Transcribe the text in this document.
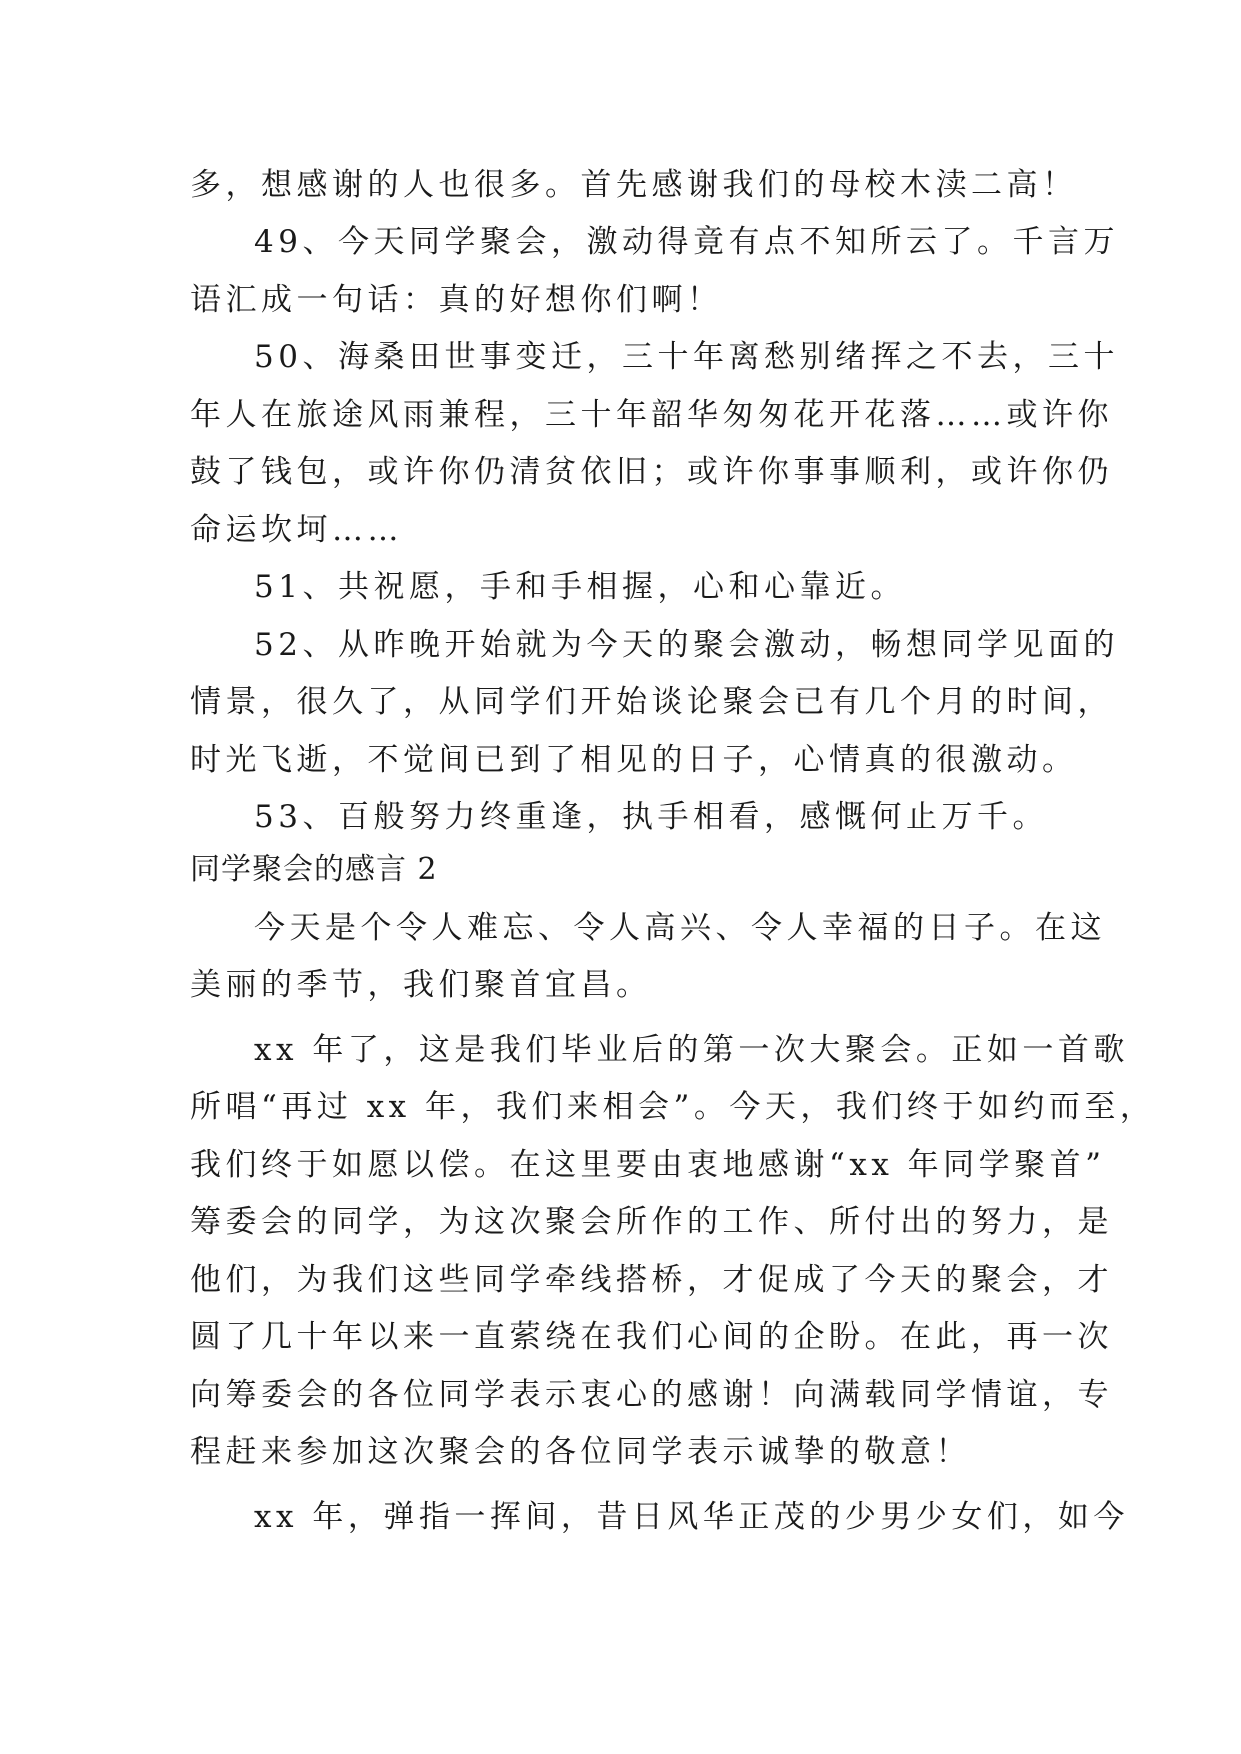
多，想感谢的人也很多。首先感谢我们的母校木渎二高！

49、今天同学聚会，激动得竟有点不知所云了。千言万

语汇成一句话：真的好想你们啊！

50、海桑田世事变迁，三十年离愁别绪挥之不去，三十

年人在旅途风雨兼程，三十年韶华匆匆花开花落……或许你

鼓了钱包，或许你仍清贫依旧；或许你事事顺利，或许你仍

命运坎坷……

51、共祝愿，手和手相握，心和心靠近。

52、从昨晚开始就为今天的聚会激动，畅想同学见面的

情景，很久了，从同学们开始谈论聚会已有几个月的时间，

时光飞逝，不觉间已到了相见的日子，心情真的很激动。

53、百般努力终重逢，执手相看，感慨何止万千。

同学聚会的感言 2

今天是个令人难忘、令人高兴、令人幸福的日子。在这

美丽的季节，我们聚首宜昌。

xx 年了，这是我们毕业后的第一次大聚会。正如一首歌

所唱“再过 xx 年，我们来相会”。今天，我们终于如约而至，

我们终于如愿以偿。在这里要由衷地感谢“xx 年同学聚首”

筹委会的同学，为这次聚会所作的工作、所付出的努力，是

他们，为我们这些同学牵线搭桥，才促成了今天的聚会，才

圆了几十年以来一直萦绕在我们心间的企盼。在此，再一次

向筹委会的各位同学表示衷心的感谢！向满载同学情谊，专

程赶来参加这次聚会的各位同学表示诚挚的敬意！

xx 年，弹指一挥间，昔日风华正茂的少男少女们，如今
